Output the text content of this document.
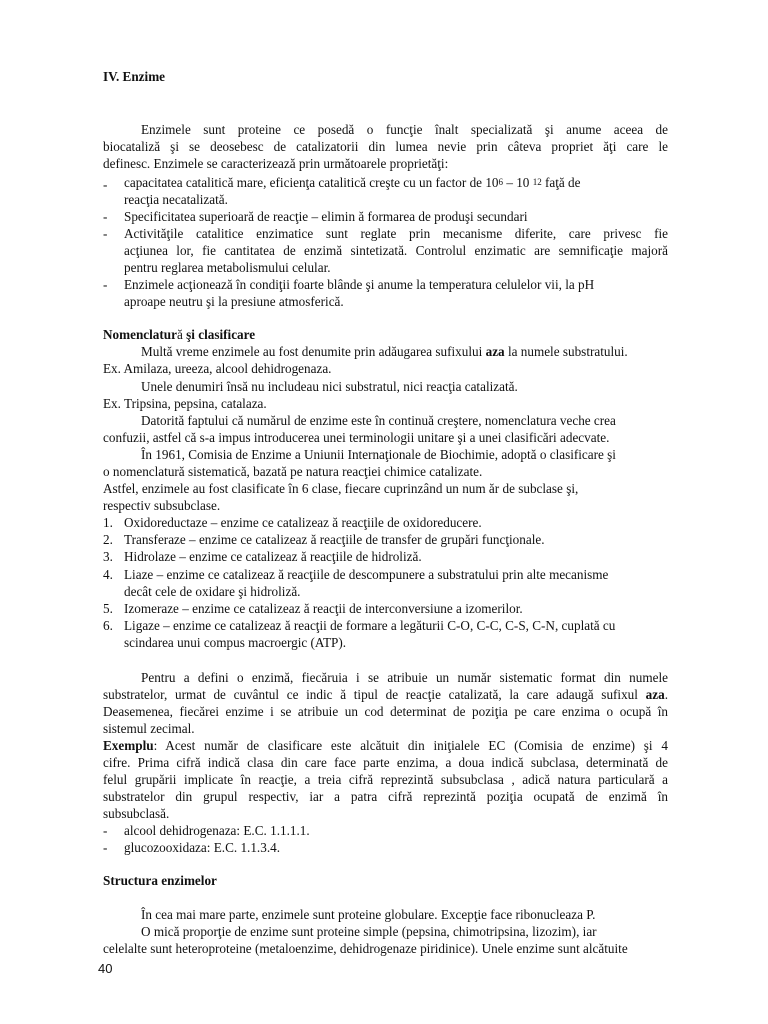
IV. Enzime
Enzimele sunt proteine ce posedă o funcţie înalt specializată şi anume aceea de
biocataliză şi se deosebesc de catalizatorii din lumea nevie prin câteva propriet ăţi care le
definesc. Enzimele se caracterizează prin următoarele proprietăţi:
- capacitatea catalitică mare, eficienţa catalitică creşte cu un factor de $10^6 - 10$ $^{12}$ faţă de
reacţia necatalizată.
- Specificitatea superioară de reacţie – elimin ă formarea de produşi secundari
- Activităţile catalitice enzimatice sunt reglate prin mecanisme diferite, care privesc fie
acţiunea lor, fie cantitatea de enzimă sintetizată. Controlul enzimatic are semnificaţie majoră
pentru reglarea metabolismului celular.
- Enzimele acţionează în condiţii foarte blânde şi anume la temperatura celulelor vii, la pH
aproape neutru şi la presiune atmosferică.
Nomenclatură şi clasificare
Multă vreme enzimele au fost denumite prin adăugarea sufixului aza la numele substratului.
Ex. Amilaza, ureeza, alcool dehidrogenaza.
Unele denumiri însă nu includeau nici substratul, nici reacţia catalizată.
Ex. Tripsina, pepsina, catalaza.
Datorită faptului că numărul de enzime este în continuă creştere, nomenclatura veche crea
confuzii, astfel că s-a impus introducerea unei terminologii unitare şi a unei clasificări adecvate.
În 1961, Comisia de Enzime a Uniunii Internaţionale de Biochimie, adoptă o clasificare şi
o nomenclatură sistematică, bazată pe natura reacţiei chimice catalizate.
Astfel, enzimele au fost clasificate în 6 clase, fiecare cuprinzând un num ăr de subclase şi,
respectiv subsubclase.
1. Oxidoreductaze – enzime ce catalizeaz ă reacţiile de oxidoreducere.
2. Transferaze – enzime ce catalizeaz ă reacţiile de transfer de grupări funcţionale.
3. Hidrolaze – enzime ce catalizeaz ă reacţiile de hidroliză.
4. Liaze – enzime ce catalizeaz ă reacţiile de descompunere a substratului prin alte mecanisme
decât cele de oxidare şi hidroliză.
5. Izomeraze – enzime ce catalizeaz ă reacţii de interconversiune a izomerilor.
6. Ligaze – enzime ce catalizeaz ă reacţii de formare a legăturii C-O, C-C, C-S, C-N, cuplată cu
scindarea unui compus macroergic (ATP).
Pentru a defini o enzimă, fiecăruia i se atribuie un număr sistematic format din numele
substratelor, urmat de cuvântul ce indic ă tipul de reacţie catalizată, la care adaugă sufixul aza.
Deasemenea, fiecărei enzime i se atribuie un cod determinat de poziţia pe care enzima o ocupă în
sistemul zecimal.
Exemplu: Acest număr de clasificare este alcătuit din iniţialele EC (Comisia de enzime) şi 4
cifre. Prima cifră indică clasa din care face parte enzima, a doua indică subclasa, determinată de
felul grupării implicate în reacţie, a treia cifră reprezintă subsubclasa , adică natura particulară a
substratelor din grupul respectiv, iar a patra cifră reprezintă poziţia ocupată de enzimă în
subsubclasă.
- alcool dehidrogenaza: E.C. 1.1.1.1.
- glucozooxidaza: E.C. 1.1.3.4.
Structura enzimelor
În cea mai mare parte, enzimele sunt proteine globulare. Excepţie face ribonucleaza P.
O mică proporţie de enzime sunt proteine simple (pepsina, chimotripsina, lizozim), iar
celelalte sunt heteroproteine (metaloenzime, dehidrogenaze piridinice). Unele enzime sunt alcătuite
40
